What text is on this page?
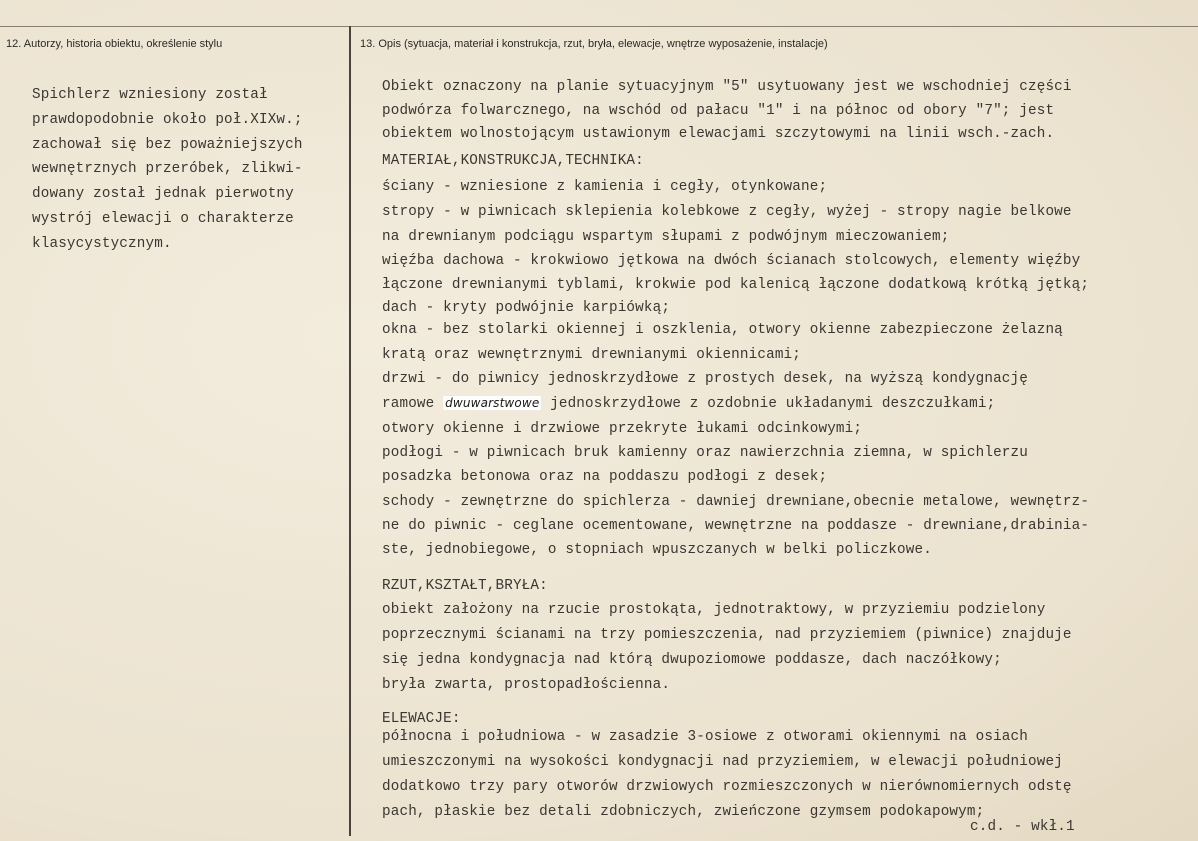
12. Autorzy, historia obiektu, określenie stylu	13. Opis (sytuacja, materiał i konstrukcja, rzut, bryła, elewacje, wnętrze wyposażenie, instalacje)
Spichlerz wzniesiony został
prawdopodobnie około poł.XIXw.;
zachował się bez poważniejszych
wewnętrznych przeróbek, zlikwi-
dowany został jednak pierwotny
wystrój elewacji o charakterze
klasycystycznym.
Obiekt oznaczony na planie sytuacyjnym "5" usytuowany jest we wschodniej części
podwórza folwarcznego, na wschód od pałacu "1" i na północ od obory "7"; jest
obiektem wolnostojącym ustawionym elewacjami szczytowymi na linii wsch.-zach.
MATERIAŁ,KONSTRUKCJA,TECHNIKA:
ściany - wzniesione z kamienia i cegły, otynkowane;
stropy - w piwnicach sklepienia kolebkowe z cegły, wyżej - stropy nagie belkowe
na drewnianym podciągu wspartym słupami z podwójnym mieczowaniem;
więźba dachowa - krokwiowo jętkowa na dwóch ścianach stolcowych, elementy więźby
łączone drewnianymi tyblami, krokwie pod kalenicą łączone dodatkową krótką jętką;
dach - kryty podwójnie karpiówką;
okna - bez stolarki okiennej i oszklenia, otwory okienne zabezpieczone żelazną
kratą oraz wewnętrznymi drewnianymi okiennicami;
drzwi - do piwnicy jednoskrzydłowe z prostych desek, na wyższą kondygnację
ramowe dwuwarstwowe jednoskrzydłowe z ozdobnie układanymi deszczułkami;
otwory okienne i drzwiowe przekryte łukami odcinkowymi;
podłogi - w piwnicach bruk kamienny oraz nawierzchnia ziemna, w spichlerzu
posadzka betonowa oraz na poddaszu podłogi z desek;
schody - zewnętrzne do spichlerza - dawniej drewniane,obecnie metalowe, wewnętrz-
ne do piwnic - ceglane ocementowane, wewnętrzne na poddasze - drewniane,drabinia-
ste, jednobiegowe, o stopniach wpuszczanych w belki policzkowe.
RZUT,KSZTAŁT,BRYŁA:
obiekt założony na rzucie prostokąta, jednotraktowy, w przyziemiu podzielony
poprzecznymi ścianami na trzy pomieszczenia, nad przyziemiem (piwnice) znajduje
się jedna kondygnacja nad którą dwupoziomowe poddasze, dach naczółkowy;
bryła zwarta, prostopadłościenna.
ELEWACJE:
północna i południowa - w zasadzie 3-osiowe z otworami okiennymi na osiach
umieszczonymi na wysokości kondygnacji nad przyziemiem, w elewacji południowej
dodatkowo trzy pary otworów drzwiowych rozmieszczonych w nierównomiernych odstę
pach, płaskie bez detali zdobniczych, zwieńczone gzymsem podokapowym;
c.d. - wkł.1
